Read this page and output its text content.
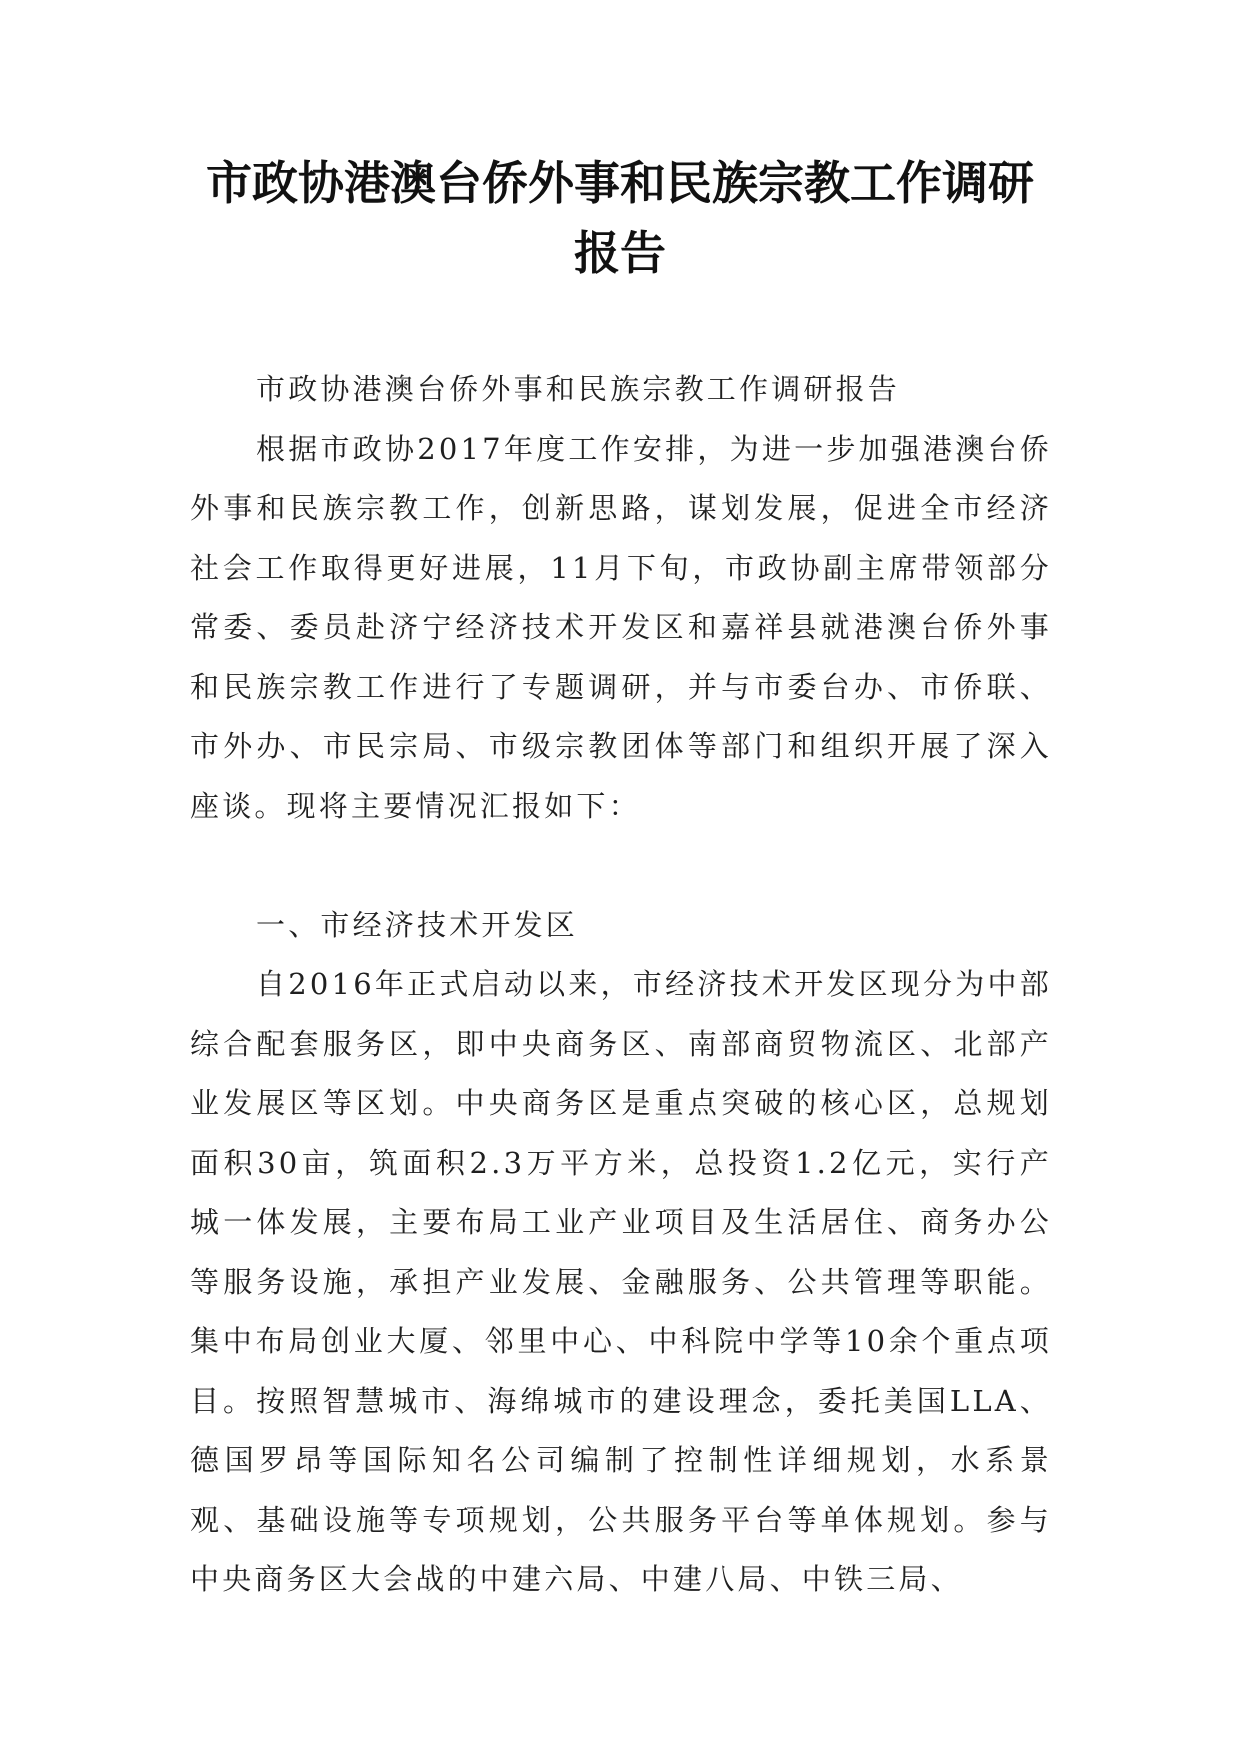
市政协港澳台侨外事和民族宗教工作调研
报告

市政协港澳台侨外事和民族宗教工作调研报告

根据市政协2017年度工作安排，为进一步加强港澳台侨外事和民族宗教工作，创新思路，谋划发展，促进全市经济社会工作取得更好进展，11月下旬，市政协副主席带领部分常委、委员赴济宁经济技术开发区和嘉祥县就港澳台侨外事和民族宗教工作进行了专题调研，并与市委台办、市侨联、市外办、市民宗局、市级宗教团体等部门和组织开展了深入座谈。现将主要情况汇报如下：

一、市经济技术开发区

自2016年正式启动以来，市经济技术开发区现分为中部综合配套服务区，即中央商务区、南部商贸物流区、北部产业发展区等区划。中央商务区是重点突破的核心区，总规划面积30亩，筑面积2.3万平方米，总投资1.2亿元，实行产城一体发展，主要布局工业产业项目及生活居住、商务办公等服务设施，承担产业发展、金融服务、公共管理等职能。集中布局创业大厦、邻里中心、中科院中学等10余个重点项目。按照智慧城市、海绵城市的建设理念，委托美国LLA、德国罗昂等国际知名公司编制了控制性详细规划，水系景观、基础设施等专项规划，公共服务平台等单体规划。参与中央商务区大会战的中建六局、中建八局、中铁三局、
